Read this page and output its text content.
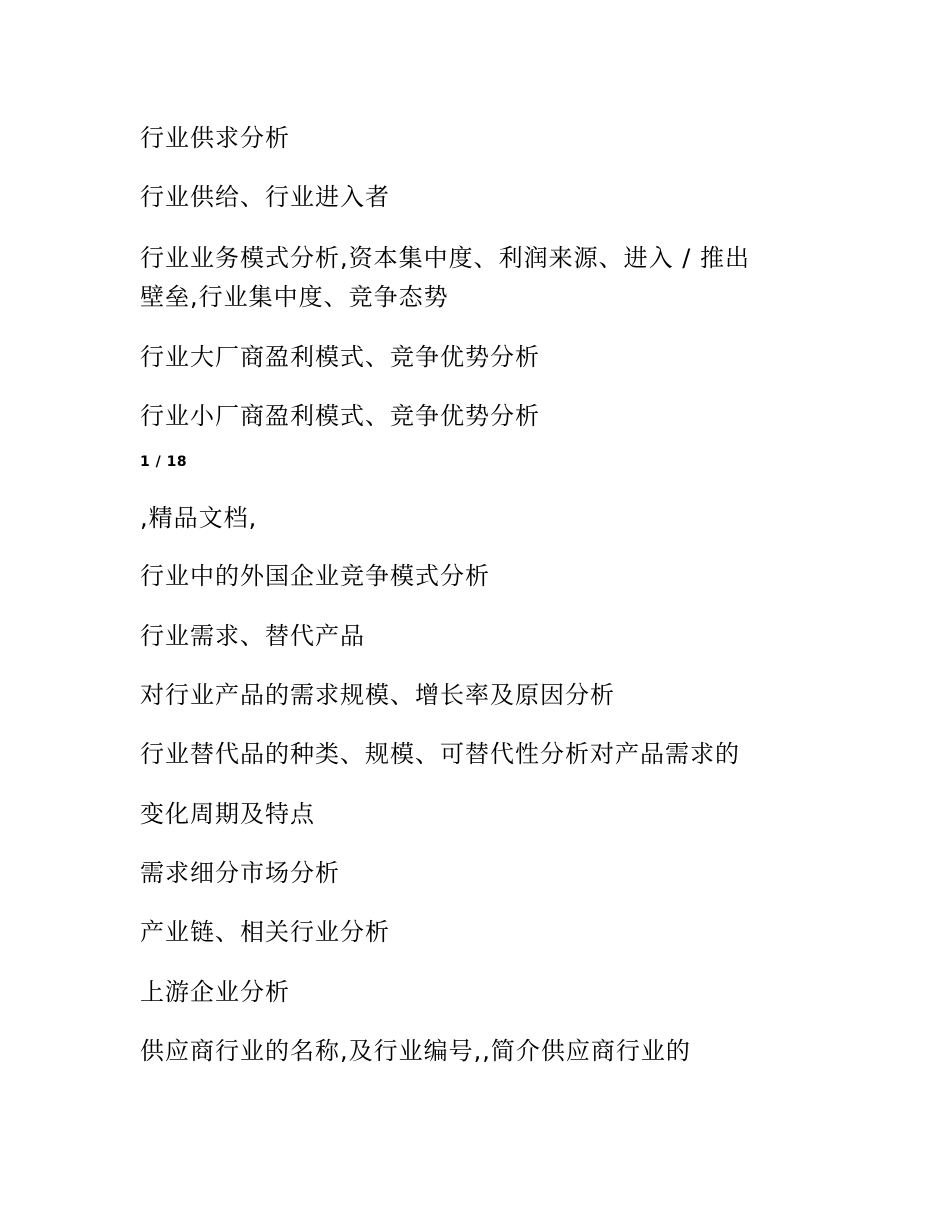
行业供求分析
行业供给、行业进入者
行业业务模式分析,资本集中度、利润来源、进入 / 推出
壁垒,行业集中度、竞争态势
行业大厂商盈利模式、竞争优势分析
行业小厂商盈利模式、竞争优势分析
1 / 18
,精品文档,
行业中的外国企业竞争模式分析
行业需求、替代产品
对行业产品的需求规模、增长率及原因分析
行业替代品的种类、规模、可替代性分析对产品需求的
变化周期及特点
需求细分市场分析
产业链、相关行业分析
上游企业分析
供应商行业的名称,及行业编号,,简介供应商行业的
